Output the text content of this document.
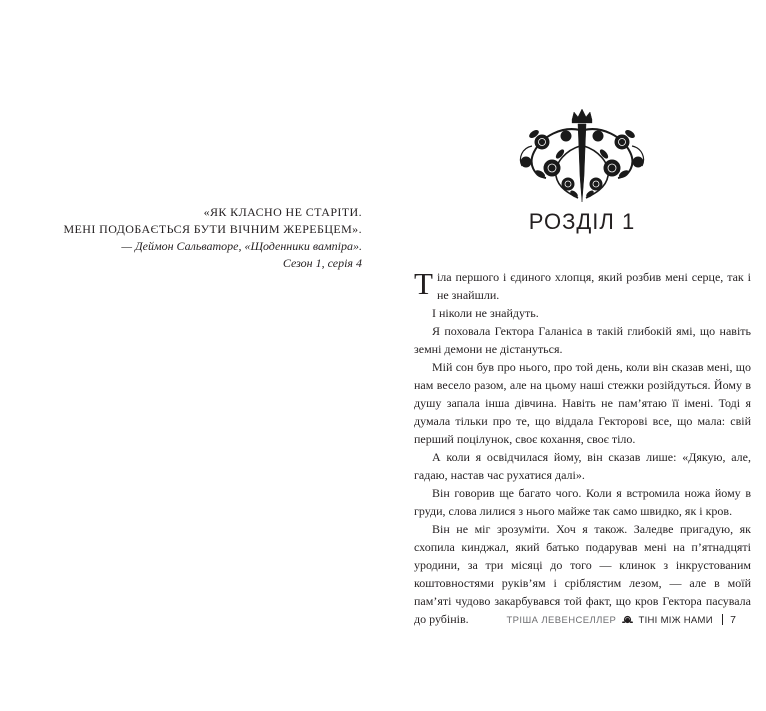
«ЯК КЛАСНО НЕ СТАРІТИ.
МЕНІ ПОДОБАЄТЬСЯ БУТИ ВІЧНИМ ЖЕРЕБЦЕМ».
— Деймон Сальваторе, «Щоденники вампіра».
Сезон 1, серія 4
РОЗДІЛ 1

Тіла першого і єдиного хлопця, який розбив мені серце, так і не знайшли.

І ніколи не знайдуть.

Я поховала Гектора Галаніса в такій глибокій ямі, що навіть земні демони не дістануться.

Мій сон був про нього, про той день, коли він сказав мені, що нам весело разом, але на цьому наші стежки розійдуться. Йому в душу запала інша дівчина. Навіть не пам’ятаю її імені. Тоді я думала тільки про те, що віддала Гекторові все, що мала: свій перший поцілунок, своє кохання, своє тіло.

А коли я освідчилася йому, він сказав лише: «Дякую, але, гадаю, настав час рухатися далі».

Він говорив ще багато чого. Коли я встромила ножа йому в груди, слова лилися з нього майже так само швидко, як і кров.

Він не міг зрозуміти. Хоч я також. Заледве пригадую, як схопила кинджал, який батько подарував мені на п’ятнадцяті уродини, за три місяці до того — клинок з інкрустованим коштовностями руків’ям і сріблястим лезом, — але в моїй пам’яті чудово закарбувався той факт, що кров Гектора пасувала до рубінів.	ТРІША ЛЕВЕНСЕЛЛЕР ТІНІ МІЖ НАМИ 7
